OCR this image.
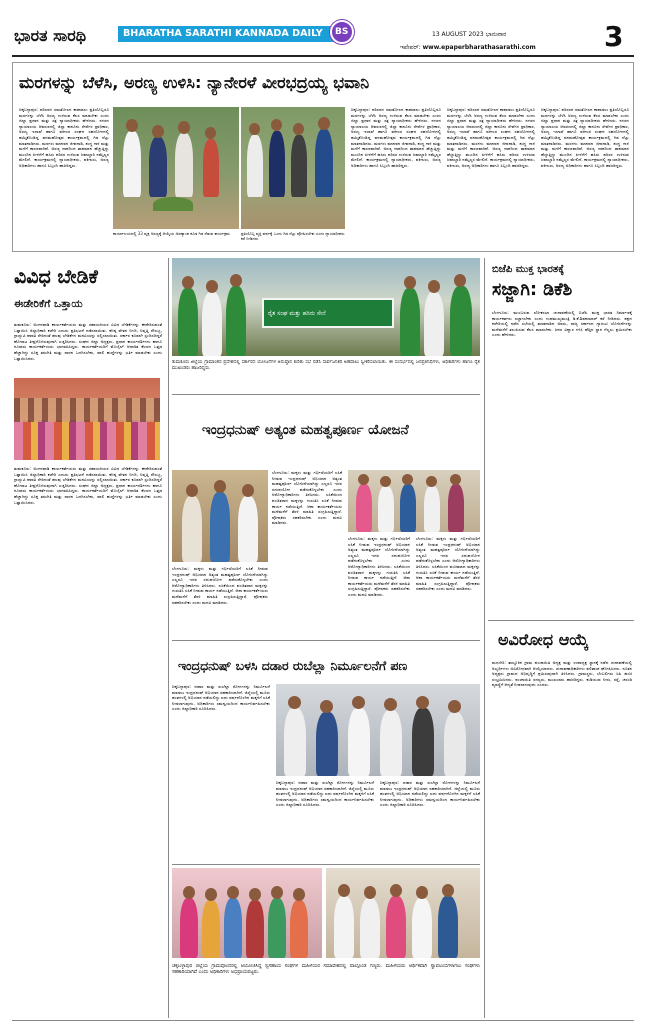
ಭಾರತ ಸಾರಥಿ	BHARATHA SARATHI KANNADA DAILY BS	13 AUGUST 2023 ಭಾನುವಾರ
ಇಪೇಪರ್: www.epaperbharathasarathi.com 3
ಮರಗಳನ್ನು ಬೆಳೆಸಿ, ಅರಣ್ಯ ಉಳಿಸಿ: ನ್ಯಾನೇರಳೆ ವೀರಭದ್ರಯ್ಯ ಭವಾನಿ
ಚಿಕ್ಕಬಳ್ಳಾಪುರ: ಪರಿಸರದ ಸಮತೋಲನ ಕಾಪಾಡಲು ಪ್ರತಿಯೊಬ್ಬರೂ ಮರಗಳನ್ನು ಬೆಳೆಸಿ ಅರಣ್ಯ ಉಳಿಸುವ ಕೆಲಸ ಮಾಡಬೇಕು ಎಂದು ಜಿಲ್ಲಾ ಪ್ರಧಾನ ಮತ್ತು ಸತ್ರ ನ್ಯಾಯಾಧೀಶರು ಹೇಳಿದರು. ನಗರದ ನ್ಯಾಯಾಲಯ ಆವರಣದಲ್ಲಿ ಜಿಲ್ಲಾ ಕಾನೂನು ಸೇವೆಗಳ ಪ್ರಾಧಿಕಾರ, ಅರಣ್ಯ ಇಲಾಖೆ ಹಾಗೂ ವಕೀಲರ ಸಂಘದ ಸಹಯೋಗದಲ್ಲಿ ಹಮ್ಮಿಕೊಂಡಿದ್ದ ವನಮಹೋತ್ಸವ ಕಾರ್ಯಕ್ರಮದಲ್ಲಿ ಗಿಡ ನೆಟ್ಟು ಮಾತನಾಡಿದರು. ಮರಗಳು ಮಾನವನ ಜೀವನಾಡಿ, ಶುದ್ಧ ಗಾಳಿ ಮತ್ತು ಮಳೆಗೆ ಕಾರಣವಾಗಿವೆ. ಅರಣ್ಯ ನಾಶದಿಂದ ತಾಪಮಾನ ಹೆಚ್ಚುತ್ತಿದ್ದು ಮುಂದಿನ ಪೀಳಿಗೆಗೆ ಹಸಿರು ಪರಿಸರ ಉಳಿಸುವ ಜವಾಬ್ದಾರಿ ನಮ್ಮೆಲ್ಲರ ಮೇಲಿದೆ. ಕಾರ್ಯಕ್ರಮದಲ್ಲಿ ನ್ಯಾಯಾಧೀಶರು, ವಕೀಲರು, ಅರಣ್ಯ ಅಧಿಕಾರಿಗಳು ಹಾಗೂ ಸಿಬ್ಬಂದಿ ಹಾಜರಿದ್ದರು.
ಕಾರ್ಯಾಲಯದಲ್ಲಿ 33 ವೃಕ್ಷ ಅರಣ್ಯಕ್ಕೆ ಆಯ್ಕೆಯ ಅರಣ್ಯಾಂಶ ಕೂಡ ಗಿಡ ನೆಡುವ ಕಾರ್ಯಕ್ರಮ	ಪ್ರತಿಯೊಬ್ಬ ವ್ಯಕ್ತಿ ವರ್ಷಕ್ಕೆ ಒಂದು ಗಿಡ ನೆಟ್ಟು ಪೋಷಿಸಬೇಕು ಎಂದು ನ್ಯಾಯಾಧೀಶರು ಕರೆ ನೀಡಿದರು
ಚಿಕ್ಕಬಳ್ಳಾಪುರ: ಪರಿಸರದ ಸಮತೋಲನ ಕಾಪಾಡಲು ಪ್ರತಿಯೊಬ್ಬರೂ ಮರಗಳನ್ನು ಬೆಳೆಸಿ ಅರಣ್ಯ ಉಳಿಸುವ ಕೆಲಸ ಮಾಡಬೇಕು ಎಂದು ಜಿಲ್ಲಾ ಪ್ರಧಾನ ಮತ್ತು ಸತ್ರ ನ್ಯಾಯಾಧೀಶರು ಹೇಳಿದರು. ನಗರದ ನ್ಯಾಯಾಲಯ ಆವರಣದಲ್ಲಿ ಜಿಲ್ಲಾ ಕಾನೂನು ಸೇವೆಗಳ ಪ್ರಾಧಿಕಾರ, ಅರಣ್ಯ ಇಲಾಖೆ ಹಾಗೂ ವಕೀಲರ ಸಂಘದ ಸಹಯೋಗದಲ್ಲಿ ಹಮ್ಮಿಕೊಂಡಿದ್ದ ವನಮಹೋತ್ಸವ ಕಾರ್ಯಕ್ರಮದಲ್ಲಿ ಗಿಡ ನೆಟ್ಟು ಮಾತನಾಡಿದರು. ಮರಗಳು ಮಾನವನ ಜೀವನಾಡಿ, ಶುದ್ಧ ಗಾಳಿ ಮತ್ತು ಮಳೆಗೆ ಕಾರಣವಾಗಿವೆ. ಅರಣ್ಯ ನಾಶದಿಂದ ತಾಪಮಾನ ಹೆಚ್ಚುತ್ತಿದ್ದು ಮುಂದಿನ ಪೀಳಿಗೆಗೆ ಹಸಿರು ಪರಿಸರ ಉಳಿಸುವ ಜವಾಬ್ದಾರಿ ನಮ್ಮೆಲ್ಲರ ಮೇಲಿದೆ. ಕಾರ್ಯಕ್ರಮದಲ್ಲಿ ನ್ಯಾಯಾಧೀಶರು, ವಕೀಲರು, ಅರಣ್ಯ ಅಧಿಕಾರಿಗಳು ಹಾಗೂ ಸಿಬ್ಬಂದಿ ಹಾಜರಿದ್ದರು.
ಚಿಕ್ಕಬಳ್ಳಾಪುರ: ಪರಿಸರದ ಸಮತೋಲನ ಕಾಪಾಡಲು ಪ್ರತಿಯೊಬ್ಬರೂ ಮರಗಳನ್ನು ಬೆಳೆಸಿ ಅರಣ್ಯ ಉಳಿಸುವ ಕೆಲಸ ಮಾಡಬೇಕು ಎಂದು ಜಿಲ್ಲಾ ಪ್ರಧಾನ ಮತ್ತು ಸತ್ರ ನ್ಯಾಯಾಧೀಶರು ಹೇಳಿದರು. ನಗರದ ನ್ಯಾಯಾಲಯ ಆವರಣದಲ್ಲಿ ಜಿಲ್ಲಾ ಕಾನೂನು ಸೇವೆಗಳ ಪ್ರಾಧಿಕಾರ, ಅರಣ್ಯ ಇಲಾಖೆ ಹಾಗೂ ವಕೀಲರ ಸಂಘದ ಸಹಯೋಗದಲ್ಲಿ ಹಮ್ಮಿಕೊಂಡಿದ್ದ ವನಮಹೋತ್ಸವ ಕಾರ್ಯಕ್ರಮದಲ್ಲಿ ಗಿಡ ನೆಟ್ಟು ಮಾತನಾಡಿದರು. ಮರಗಳು ಮಾನವನ ಜೀವನಾಡಿ, ಶುದ್ಧ ಗಾಳಿ ಮತ್ತು ಮಳೆಗೆ ಕಾರಣವಾಗಿವೆ. ಅರಣ್ಯ ನಾಶದಿಂದ ತಾಪಮಾನ ಹೆಚ್ಚುತ್ತಿದ್ದು ಮುಂದಿನ ಪೀಳಿಗೆಗೆ ಹಸಿರು ಪರಿಸರ ಉಳಿಸುವ ಜವಾಬ್ದಾರಿ ನಮ್ಮೆಲ್ಲರ ಮೇಲಿದೆ. ಕಾರ್ಯಕ್ರಮದಲ್ಲಿ ನ್ಯಾಯಾಧೀಶರು, ವಕೀಲರು, ಅರಣ್ಯ ಅಧಿಕಾರಿಗಳು ಹಾಗೂ ಸಿಬ್ಬಂದಿ ಹಾಜರಿದ್ದರು.
ಚಿಕ್ಕಬಳ್ಳಾಪುರ: ಪರಿಸರದ ಸಮತೋಲನ ಕಾಪಾಡಲು ಪ್ರತಿಯೊಬ್ಬರೂ ಮರಗಳನ್ನು ಬೆಳೆಸಿ ಅರಣ್ಯ ಉಳಿಸುವ ಕೆಲಸ ಮಾಡಬೇಕು ಎಂದು ಜಿಲ್ಲಾ ಪ್ರಧಾನ ಮತ್ತು ಸತ್ರ ನ್ಯಾಯಾಧೀಶರು ಹೇಳಿದರು. ನಗರದ ನ್ಯಾಯಾಲಯ ಆವರಣದಲ್ಲಿ ಜಿಲ್ಲಾ ಕಾನೂನು ಸೇವೆಗಳ ಪ್ರಾಧಿಕಾರ, ಅರಣ್ಯ ಇಲಾಖೆ ಹಾಗೂ ವಕೀಲರ ಸಂಘದ ಸಹಯೋಗದಲ್ಲಿ ಹಮ್ಮಿಕೊಂಡಿದ್ದ ವನಮಹೋತ್ಸವ ಕಾರ್ಯಕ್ರಮದಲ್ಲಿ ಗಿಡ ನೆಟ್ಟು ಮಾತನಾಡಿದರು. ಮರಗಳು ಮಾನವನ ಜೀವನಾಡಿ, ಶುದ್ಧ ಗಾಳಿ ಮತ್ತು ಮಳೆಗೆ ಕಾರಣವಾಗಿವೆ. ಅರಣ್ಯ ನಾಶದಿಂದ ತಾಪಮಾನ ಹೆಚ್ಚುತ್ತಿದ್ದು ಮುಂದಿನ ಪೀಳಿಗೆಗೆ ಹಸಿರು ಪರಿಸರ ಉಳಿಸುವ ಜವಾಬ್ದಾರಿ ನಮ್ಮೆಲ್ಲರ ಮೇಲಿದೆ. ಕಾರ್ಯಕ್ರಮದಲ್ಲಿ ನ್ಯಾಯಾಧೀಶರು, ವಕೀಲರು, ಅರಣ್ಯ ಅಧಿಕಾರಿಗಳು ಹಾಗೂ ಸಿಬ್ಬಂದಿ ಹಾಜರಿದ್ದರು.
ವಿವಿಧ ಬೇಡಿಕೆ
ಈಡೇರಿಕೆಗೆ ಒತ್ತಾಯ
ತುಮಕೂರು: ಅಂಗನವಾಡಿ ಕಾರ್ಯಕರ್ತೆಯರು ಮತ್ತು ಸಹಾಯಕಿಯರ ವಿವಿಧ ಬೇಡಿಕೆಗಳನ್ನು ಈಡೇರಿಸುವಂತೆ ಒತ್ತಾಯಿಸಿ ಜಿಲ್ಲಾಧಿಕಾರಿ ಕಚೇರಿ ಎದುರು ಪ್ರತಿಭಟನೆ ನಡೆಸಲಾಯಿತು. ಕನಿಷ್ಠ ವೇತನ ನಿಗದಿ, ನಿವೃತ್ತಿ ಸೌಲಭ್ಯ, ಗ್ರಾಚ್ಯುಟಿ ಪಾವತಿ ಸೇರಿದಂತೆ ಹಲವು ಬೇಡಿಕೆಗಳ ಮನವಿಯನ್ನು ಸಲ್ಲಿಸಲಾಯಿತು. ಸರ್ಕಾರ ಕೂಡಲೇ ಸ್ಪಂದಿಸದಿದ್ದರೆ ಹೋರಾಟ ತೀವ್ರಗೊಳಿಸುವುದಾಗಿ ಎಚ್ಚರಿಸಿದರು. ಸಂಘದ ಜಿಲ್ಲಾ ಅಧ್ಯಕ್ಷರು, ಪ್ರಧಾನ ಕಾರ್ಯದರ್ಶಿಗಳು ಹಾಗೂ ನೂರಾರು ಕಾರ್ಯಕರ್ತೆಯರು ಭಾಗವಹಿಸಿದ್ದರು. ಕಾರ್ಯಕರ್ತೆಯರಿಗೆ ಮೊಬೈಲ್ ಆಧಾರಿತ ಕೆಲಸದ ಒತ್ತಡ ಹೆಚ್ಚಾಗಿದ್ದು ಸೂಕ್ತ ತರಬೇತಿ ಮತ್ತು ಸಾಧನ ಒದಗಿಸಬೇಕು, ಖಾಲಿ ಹುದ್ದೆಗಳನ್ನು ಭರ್ತಿ ಮಾಡಬೇಕು ಎಂದು ಒತ್ತಾಯಿಸಿದರು.
ತುಮಕೂರು: ಅಂಗನವಾಡಿ ಕಾರ್ಯಕರ್ತೆಯರು ಮತ್ತು ಸಹಾಯಕಿಯರ ವಿವಿಧ ಬೇಡಿಕೆಗಳನ್ನು ಈಡೇರಿಸುವಂತೆ ಒತ್ತಾಯಿಸಿ ಜಿಲ್ಲಾಧಿಕಾರಿ ಕಚೇರಿ ಎದುರು ಪ್ರತಿಭಟನೆ ನಡೆಸಲಾಯಿತು. ಕನಿಷ್ಠ ವೇತನ ನಿಗದಿ, ನಿವೃತ್ತಿ ಸೌಲಭ್ಯ, ಗ್ರಾಚ್ಯುಟಿ ಪಾವತಿ ಸೇರಿದಂತೆ ಹಲವು ಬೇಡಿಕೆಗಳ ಮನವಿಯನ್ನು ಸಲ್ಲಿಸಲಾಯಿತು. ಸರ್ಕಾರ ಕೂಡಲೇ ಸ್ಪಂದಿಸದಿದ್ದರೆ ಹೋರಾಟ ತೀವ್ರಗೊಳಿಸುವುದಾಗಿ ಎಚ್ಚರಿಸಿದರು. ಸಂಘದ ಜಿಲ್ಲಾ ಅಧ್ಯಕ್ಷರು, ಪ್ರಧಾನ ಕಾರ್ಯದರ್ಶಿಗಳು ಹಾಗೂ ನೂರಾರು ಕಾರ್ಯಕರ್ತೆಯರು ಭಾಗವಹಿಸಿದ್ದರು. ಕಾರ್ಯಕರ್ತೆಯರಿಗೆ ಮೊಬೈಲ್ ಆಧಾರಿತ ಕೆಲಸದ ಒತ್ತಡ ಹೆಚ್ಚಾಗಿದ್ದು ಸೂಕ್ತ ತರಬೇತಿ ಮತ್ತು ಸಾಧನ ಒದಗಿಸಬೇಕು, ಖಾಲಿ ಹುದ್ದೆಗಳನ್ನು ಭರ್ತಿ ಮಾಡಬೇಕು ಎಂದು ಒತ್ತಾಯಿಸಿದರು.
ರೈತ ಸಂಘ ಮತ್ತು ಹಸಿರು ಸೇನೆ
ತುಮಕೂರು ಜಿಲ್ಲೆಯ ಗ್ರಾಮಾಂತರ ಪ್ರದೇಶದಲ್ಲಿ ಸರ್ಕಾರದ ಯೋಜನೆಗಳ ಅನುಷ್ಠಾನ ಕುರಿತು ಸಭೆ ನಡೆಸಿ ಸಾರ್ವಜನಿಕರ ಅಹವಾಲು ಸ್ವೀಕರಿಸಲಾಯಿತು. ಈ ಸಂದರ್ಭದಲ್ಲಿ ಜನಪ್ರತಿನಿಧಿಗಳು, ಅಧಿಕಾರಿಗಳು ಹಾಗೂ ರೈತ ಮುಖಂಡರು ಹಾಜರಿದ್ದರು.
ಇಂದ್ರಧನುಷ್ ಅತ್ಯಂತ ಮಹತ್ವಪೂರ್ಣ ಯೋಜನೆ
ಬೆಂಗಳೂರು: ಮಕ್ಕಳು ಮತ್ತು ಗರ್ಭಿಣಿಯರಿಗೆ ಲಸಿಕೆ ನೀಡುವ ಇಂದ್ರಧನುಷ್ ಅಭಿಯಾನ ಅತ್ಯಂತ ಮಹತ್ವಪೂರ್ಣ ಯೋಜನೆಯಾಗಿದ್ದು ಎಲ್ಲರೂ ಇದರ ಸದುಪಯೋಗ ಪಡೆದುಕೊಳ್ಳಬೇಕು ಎಂದು ಆರೋಗ್ಯಾಧಿಕಾರಿಗಳು ತಿಳಿಸಿದರು. ಲಸಿಕೆಯಿಂದ ವಂಚಿತರಾದ ಮಕ್ಕಳನ್ನು ಗುರುತಿಸಿ ಲಸಿಕೆ ನೀಡುವ ಕಾರ್ಯ ನಡೆಯುತ್ತಿದೆ. ಆಶಾ ಕಾರ್ಯಕರ್ತೆಯರು ಮನೆಮನೆಗೆ ತೆರಳಿ ಮಾಹಿತಿ ಸಂಗ್ರಹಿಸುತ್ತಿದ್ದಾರೆ. ಪೋಷಕರು ಸಹಕರಿಸಬೇಕು ಎಂದು ಮನವಿ ಮಾಡಿದರು.
ಬೆಂಗಳೂರು: ಮಕ್ಕಳು ಮತ್ತು ಗರ್ಭಿಣಿಯರಿಗೆ ಲಸಿಕೆ ನೀಡುವ ಇಂದ್ರಧನುಷ್ ಅಭಿಯಾನ ಅತ್ಯಂತ ಮಹತ್ವಪೂರ್ಣ ಯೋಜನೆಯಾಗಿದ್ದು ಎಲ್ಲರೂ ಇದರ ಸದುಪಯೋಗ ಪಡೆದುಕೊಳ್ಳಬೇಕು ಎಂದು ಆರೋಗ್ಯಾಧಿಕಾರಿಗಳು ತಿಳಿಸಿದರು. ಲಸಿಕೆಯಿಂದ ವಂಚಿತರಾದ ಮಕ್ಕಳನ್ನು ಗುರುತಿಸಿ ಲಸಿಕೆ ನೀಡುವ ಕಾರ್ಯ ನಡೆಯುತ್ತಿದೆ. ಆಶಾ ಕಾರ್ಯಕರ್ತೆಯರು ಮನೆಮನೆಗೆ ತೆರಳಿ ಮಾಹಿತಿ ಸಂಗ್ರಹಿಸುತ್ತಿದ್ದಾರೆ. ಪೋಷಕರು ಸಹಕರಿಸಬೇಕು ಎಂದು ಮನವಿ ಮಾಡಿದರು.
ಬೆಂಗಳೂರು: ಮಕ್ಕಳು ಮತ್ತು ಗರ್ಭಿಣಿಯರಿಗೆ ಲಸಿಕೆ ನೀಡುವ ಇಂದ್ರಧನುಷ್ ಅಭಿಯಾನ ಅತ್ಯಂತ ಮಹತ್ವಪೂರ್ಣ ಯೋಜನೆಯಾಗಿದ್ದು ಎಲ್ಲರೂ ಇದರ ಸದುಪಯೋಗ ಪಡೆದುಕೊಳ್ಳಬೇಕು ಎಂದು ಆರೋಗ್ಯಾಧಿಕಾರಿಗಳು ತಿಳಿಸಿದರು. ಲಸಿಕೆಯಿಂದ ವಂಚಿತರಾದ ಮಕ್ಕಳನ್ನು ಗುರುತಿಸಿ ಲಸಿಕೆ ನೀಡುವ ಕಾರ್ಯ ನಡೆಯುತ್ತಿದೆ. ಆಶಾ ಕಾರ್ಯಕರ್ತೆಯರು ಮನೆಮನೆಗೆ ತೆರಳಿ ಮಾಹಿತಿ ಸಂಗ್ರಹಿಸುತ್ತಿದ್ದಾರೆ. ಪೋಷಕರು ಸಹಕರಿಸಬೇಕು ಎಂದು ಮನವಿ ಮಾಡಿದರು.
ಬೆಂಗಳೂರು: ಮಕ್ಕಳು ಮತ್ತು ಗರ್ಭಿಣಿಯರಿಗೆ ಲಸಿಕೆ ನೀಡುವ ಇಂದ್ರಧನುಷ್ ಅಭಿಯಾನ ಅತ್ಯಂತ ಮಹತ್ವಪೂರ್ಣ ಯೋಜನೆಯಾಗಿದ್ದು ಎಲ್ಲರೂ ಇದರ ಸದುಪಯೋಗ ಪಡೆದುಕೊಳ್ಳಬೇಕು ಎಂದು ಆರೋಗ್ಯಾಧಿಕಾರಿಗಳು ತಿಳಿಸಿದರು. ಲಸಿಕೆಯಿಂದ ವಂಚಿತರಾದ ಮಕ್ಕಳನ್ನು ಗುರುತಿಸಿ ಲಸಿಕೆ ನೀಡುವ ಕಾರ್ಯ ನಡೆಯುತ್ತಿದೆ. ಆಶಾ ಕಾರ್ಯಕರ್ತೆಯರು ಮನೆಮನೆಗೆ ತೆರಳಿ ಮಾಹಿತಿ ಸಂಗ್ರಹಿಸುತ್ತಿದ್ದಾರೆ. ಪೋಷಕರು ಸಹಕರಿಸಬೇಕು ಎಂದು ಮನವಿ ಮಾಡಿದರು.
ಇಂದ್ರಧನುಷ್ ಬಳಸಿ ದಡಾರ ರುಬೆಲ್ಲಾ ನಿರ್ಮೂಲನೆಗೆ ಪಣ
ಚಿಕ್ಕಬಳ್ಳಾಪುರ: ದಡಾರ ಮತ್ತು ರುಬೆಲ್ಲಾ ರೋಗಗಳನ್ನು ನಿರ್ಮೂಲನೆ ಮಾಡಲು ಇಂದ್ರಧನುಷ್ ಅಭಿಯಾನ ಸಹಕಾರಿಯಾಗಿದೆ. ಜಿಲ್ಲೆಯಲ್ಲಿ ಮೂರು ಹಂತಗಳಲ್ಲಿ ಅಭಿಯಾನ ನಡೆಯಲಿದ್ದು ಐದು ವರ್ಷದೊಳಗಿನ ಮಕ್ಕಳಿಗೆ ಲಸಿಕೆ ನೀಡಲಾಗುವುದು. ಅಧಿಕಾರಿಗಳು ಸಮನ್ವಯದಿಂದ ಕಾರ್ಯನಿರ್ವಹಿಸಬೇಕು ಎಂದು ಜಿಲ್ಲಾಧಿಕಾರಿ ಸೂಚಿಸಿದರು.
ಚಿಕ್ಕಬಳ್ಳಾಪುರ: ದಡಾರ ಮತ್ತು ರುಬೆಲ್ಲಾ ರೋಗಗಳನ್ನು ನಿರ್ಮೂಲನೆ ಮಾಡಲು ಇಂದ್ರಧನುಷ್ ಅಭಿಯಾನ ಸಹಕಾರಿಯಾಗಿದೆ. ಜಿಲ್ಲೆಯಲ್ಲಿ ಮೂರು ಹಂತಗಳಲ್ಲಿ ಅಭಿಯಾನ ನಡೆಯಲಿದ್ದು ಐದು ವರ್ಷದೊಳಗಿನ ಮಕ್ಕಳಿಗೆ ಲಸಿಕೆ ನೀಡಲಾಗುವುದು. ಅಧಿಕಾರಿಗಳು ಸಮನ್ವಯದಿಂದ ಕಾರ್ಯನಿರ್ವಹಿಸಬೇಕು ಎಂದು ಜಿಲ್ಲಾಧಿಕಾರಿ ಸೂಚಿಸಿದರು.
ಚಿಕ್ಕಬಳ್ಳಾಪುರ: ದಡಾರ ಮತ್ತು ರುಬೆಲ್ಲಾ ರೋಗಗಳನ್ನು ನಿರ್ಮೂಲನೆ ಮಾಡಲು ಇಂದ್ರಧನುಷ್ ಅಭಿಯಾನ ಸಹಕಾರಿಯಾಗಿದೆ. ಜಿಲ್ಲೆಯಲ್ಲಿ ಮೂರು ಹಂತಗಳಲ್ಲಿ ಅಭಿಯಾನ ನಡೆಯಲಿದ್ದು ಐದು ವರ್ಷದೊಳಗಿನ ಮಕ್ಕಳಿಗೆ ಲಸಿಕೆ ನೀಡಲಾಗುವುದು. ಅಧಿಕಾರಿಗಳು ಸಮನ್ವಯದಿಂದ ಕಾರ್ಯನಿರ್ವಹಿಸಬೇಕು ಎಂದು ಜಿಲ್ಲಾಧಿಕಾರಿ ಸೂಚಿಸಿದರು.
ಚಿಕ್ಕಬಳ್ಳಾಪುರ ಜಿಲ್ಲೆಯ ಗ್ರಾಮವೊಂದರಲ್ಲಿ ಆಯೋಜಿಸಿದ್ದ ಸ್ವಸಹಾಯ ಸಂಘಗಳ ಮಹಿಳೆಯರ ಸಮಾವೇಶದಲ್ಲಿ ಪಾಲ್ಗೊಂಡ ಗಣ್ಯರು. ಮಹಿಳೆಯರು ಆರ್ಥಿಕವಾಗಿ ಸ್ವಾವಲಂಬಿಗಳಾಗಲು ಸಂಘಗಳು ಸಹಕಾರಿಯಾಗಿವೆ ಎಂದು ಅಧಿಕಾರಿಗಳು ಅಭಿಪ್ರಾಯಪಟ್ಟರು.
ಬಿಜೆಪಿ ಮುಕ್ತ ಭಾರತಕ್ಕೆ
ಸಜ್ಜಾಗಿ: ಡಿಕೆಶಿ
ಬೆಂಗಳೂರು: ಮುಂಬರುವ ಲೋಕಸಭಾ ಚುನಾವಣೆಯಲ್ಲಿ ಬಿಜೆಪಿ ಮುಕ್ತ ಭಾರತ ನಿರ್ಮಾಣಕ್ಕೆ ಕಾರ್ಯಕರ್ತರು ಸಜ್ಜಾಗಬೇಕು ಎಂದು ಉಪಮುಖ್ಯಮಂತ್ರಿ ಡಿ.ಕೆ.ಶಿವಕುಮಾರ್ ಕರೆ ನೀಡಿದರು. ಪಕ್ಷದ ಕಚೇರಿಯಲ್ಲಿ ನಡೆದ ಸಭೆಯಲ್ಲಿ ಮಾತನಾಡಿದ ಅವರು, ರಾಜ್ಯ ಸರ್ಕಾರದ ಗ್ಯಾರಂಟಿ ಯೋಜನೆಗಳನ್ನು ಮನೆಮನೆಗೆ ತಲುಪಿಸುವ ಕೆಲಸ ಮಾಡಬೇಕು. ಜನರ ವಿಶ್ವಾಸ ಗಳಿಸಿ ಹೆಚ್ಚಿನ ಸ್ಥಾನ ಗೆಲ್ಲಲು ಶ್ರಮಿಸಬೇಕು ಎಂದು ಹೇಳಿದರು.
ಅವಿರೋಧ ಆಯ್ಕೆ
ಮಧುಗಿರಿ: ತಾಲ್ಲೂಕಿನ ಗ್ರಾಮ ಪಂಚಾಯಿತಿ ಅಧ್ಯಕ್ಷ ಮತ್ತು ಉಪಾಧ್ಯಕ್ಷ ಸ್ಥಾನಕ್ಕೆ ನಡೆದ ಚುನಾವಣೆಯಲ್ಲಿ ಅಭ್ಯರ್ಥಿಗಳು ಅವಿರೋಧವಾಗಿ ಆಯ್ಕೆಯಾದರು. ಚುನಾವಣಾಧಿಕಾರಿಗಳು ಫಲಿತಾಂಶ ಘೋಷಿಸಿದರು. ನೂತನ ಅಧ್ಯಕ್ಷರು ಗ್ರಾಮದ ಅಭಿವೃದ್ಧಿಗೆ ಶ್ರಮಿಸುವುದಾಗಿ ತಿಳಿಸಿದರು. ಗ್ರಾಮಸ್ಥರು, ಬೆಂಬಲಿಗರು ಸಿಹಿ ಹಂಚಿ ಸಂಭ್ರಮಿಸಿದರು. ಪಂಚಾಯಿತಿ ಸದಸ್ಯರು, ಮುಖಂಡರು ಹಾಜರಿದ್ದರು. ಕುಡಿಯುವ ನೀರು, ರಸ್ತೆ, ಚರಂಡಿ ವ್ಯವಸ್ಥೆಗೆ ಆದ್ಯತೆ ನೀಡಲಾಗುವುದು ಎಂದರು.
